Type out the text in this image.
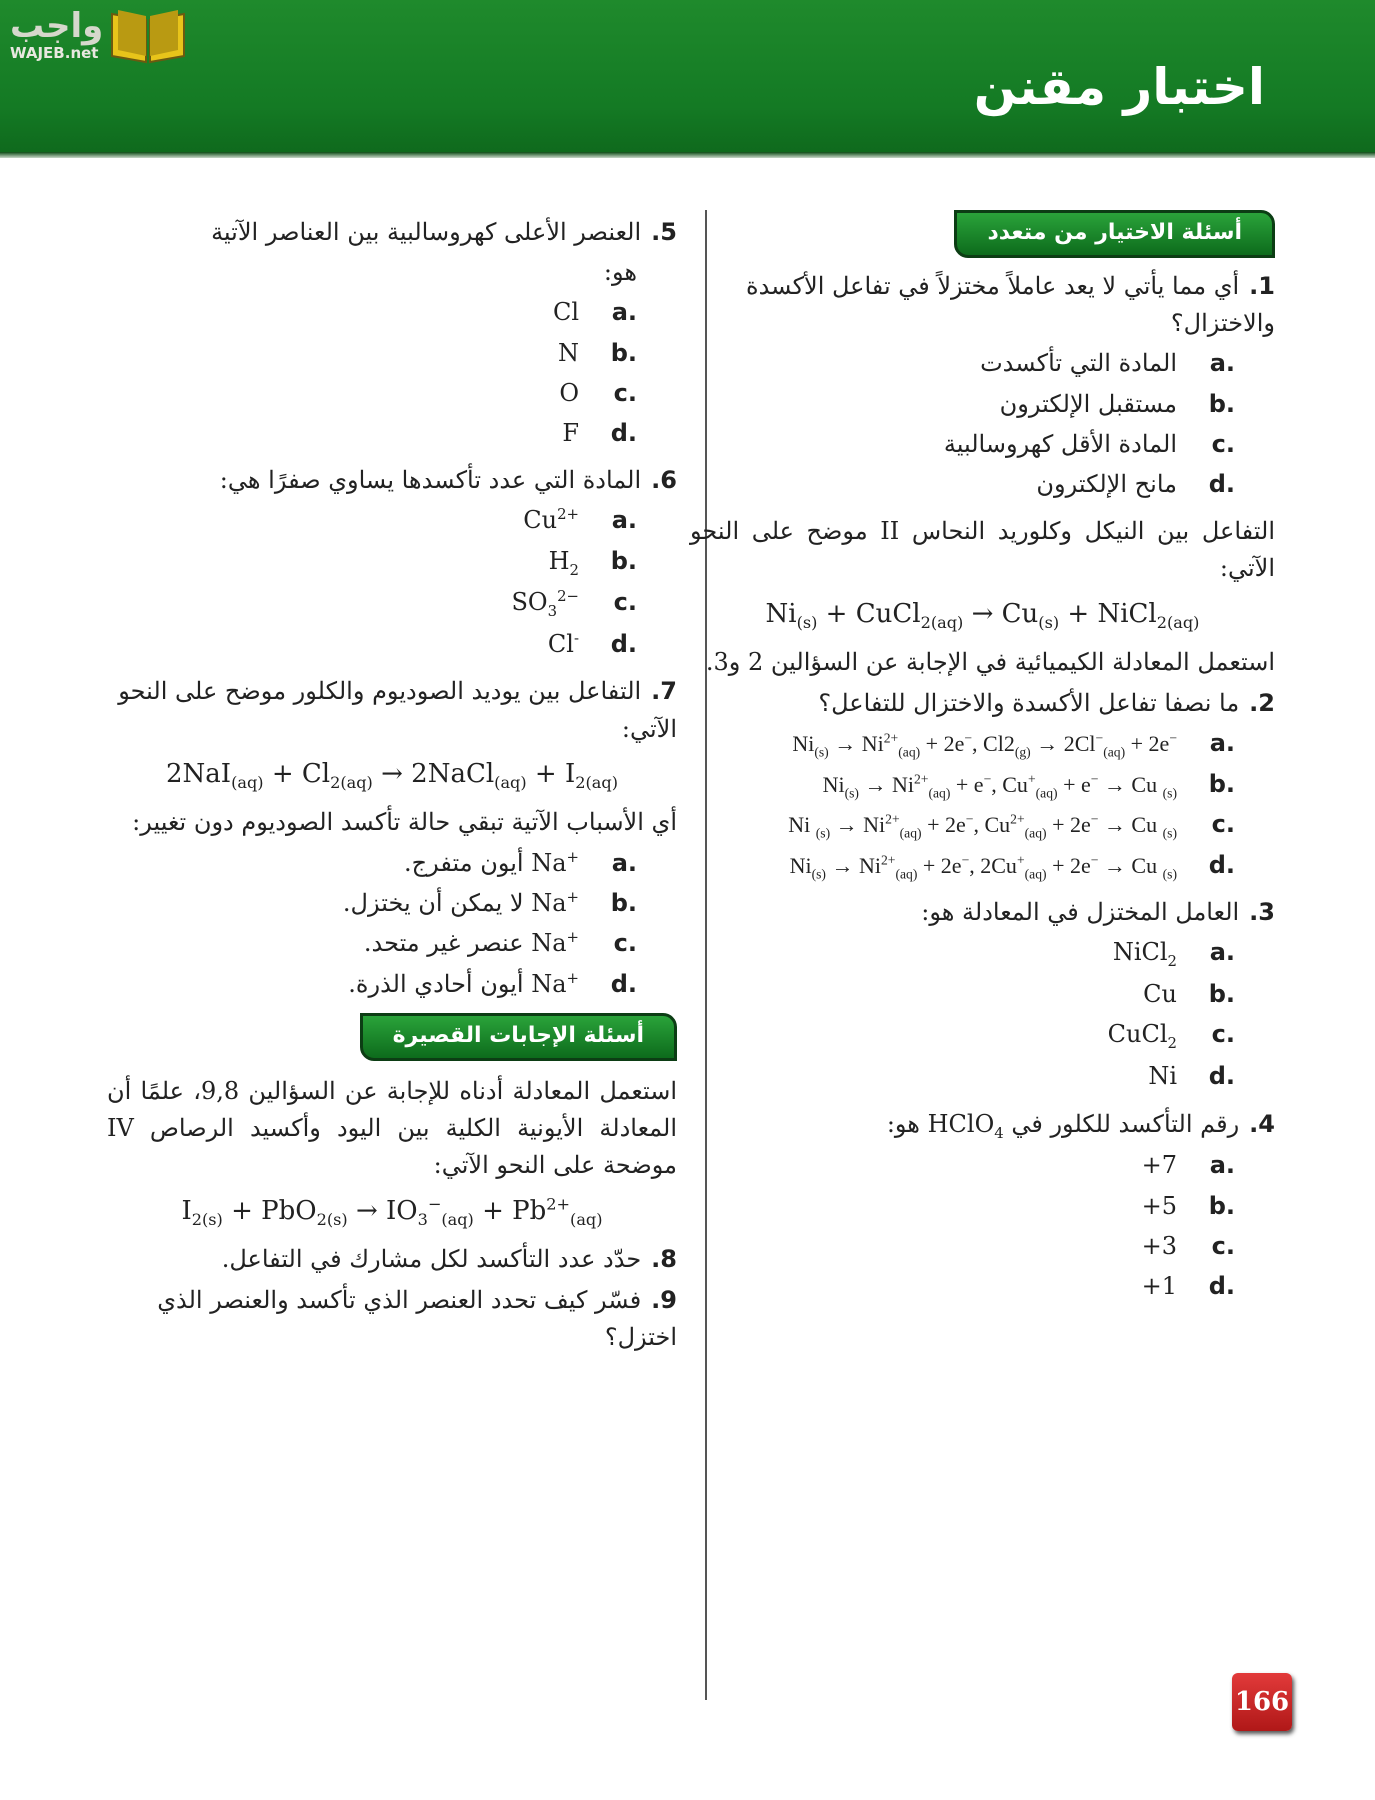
واجب
WAJEB.net
اختبار مقنن
أسئلة الاختيار من متعدد
1.أي مما يأتي لا يعد عاملاً مختزلاً في تفاعل الأكسدة والاختزال؟
a.
المادة التي تأكسدت
b.
مستقبل الإلكترون
c.
المادة الأقل كهروسالبية
d.
مانح الإلكترون
التفاعل بين النيكل وكلوريد النحاس II موضح على النحو الآتي:
$Ni_{(s)}$ + CuCl$_{2(aq)}$ → $Cu_{(s)}$ + NiCl$_{2(aq)}$
استعمل المعادلة الكيميائية في الإجابة عن السؤالين 2 و3.
2.ما نصفا تفاعل الأكسدة والاختزال للتفاعل؟
a.
$Ni_{(s)} \to Ni^{2+}_{(aq)} + 2e^-$, $Cl2_{(g)} \to 2Cl^-_{(aq)} + 2e^-$
b.
$Ni_{(s)} \to Ni^{2+}_{(aq)} + e^-$, $Cu^+_{(aq)} + e^- \to Cu$ $_{(s)}$
c.
Ni $_{(s)} \to Ni^{2+}_{(aq)} + 2e^-$, $Cu^{2+}_{(aq)} + 2e^- \to Cu$ $_{(s)}$
d.
$Ni_{(s)} \to Ni^{2+}_{(aq)} + 2e^-$, $2Cu^+_{(aq)} + 2e^- \to Cu$ $_{(s)}$
3.العامل المختزل في المعادلة هو:
a.
NiCl$_2$
b.
Cu
c.
CuCl$_2$
d.
Ni
4.رقم التأكسد للكلور في HClO$_4$ هو:
a.
+7
b.
+5
c.
+3
d.
+1
5.العنصر الأعلى كهروسالبية بين العناصر الآتية
هو:
a.
Cl
b.
N
c.
O
d.
F
6.المادة التي عدد تأكسدها يساوي صفرًا هي:
a.
$Cu^{2+}$
b.
$H_2$
c.
$SO_3^{2-}$
d.
Cl-
7.التفاعل بين يوديد الصوديوم والكلور موضح على النحو الآتي:
$2NaI_{(aq)} + Cl_{2(aq)}$ → 2NaCl$_{(aq)}$ + $I_{2(aq)}$
أي الأسباب الآتية تبقي حالة تأكسد الصوديوم دون تغيير:
a.
Na+ أيون متفرج.
b.
Na+ لا يمكن أن يختزل.
c.
Na+ عنصر غير متحد.
d.
Na+ أيون أحادي الذرة.
أسئلة الإجابات القصيرة
استعمل المعادلة أدناه للإجابة عن السؤالين 9,8، علمًا أن المعادلة الأيونية الكلية بين اليود وأكسيد الرصاص IV موضحة على النحو الآتي:
$I_{2(s)} + PbO_{2(s)} \to IO_3^-_{(aq)} + Pb^{2+}_{(aq)}$
8.حدّد عدد التأكسد لكل مشارك في التفاعل.
9.فسّر كيف تحدد العنصر الذي تأكسد والعنصر الذي اختزل؟
166
